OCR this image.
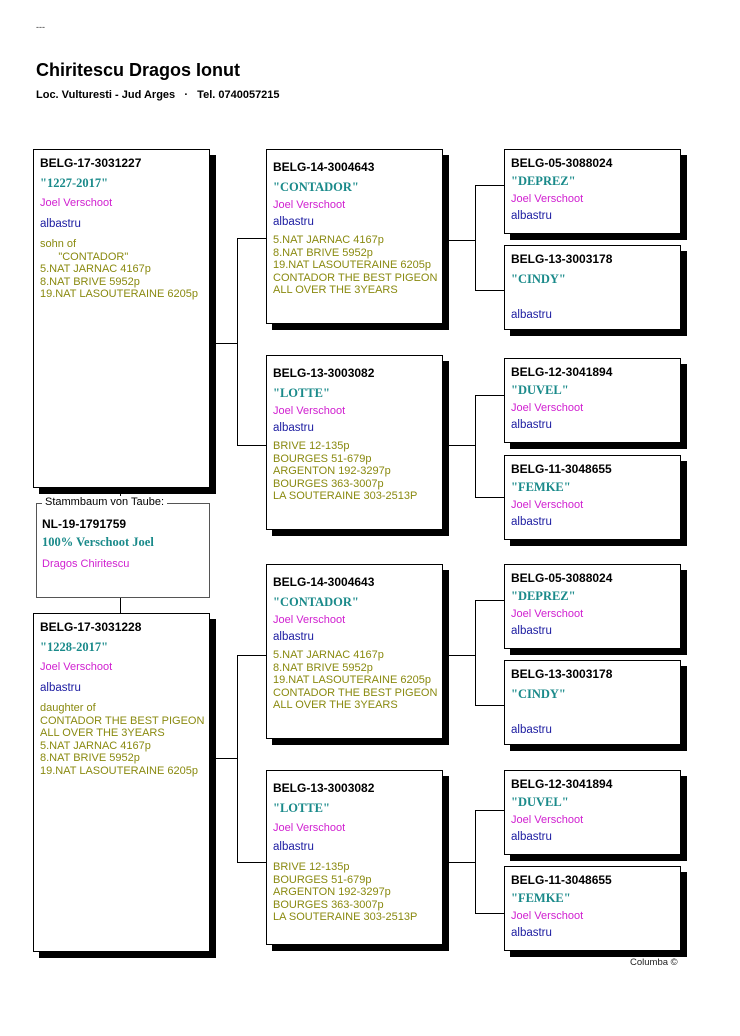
---
Chiritescu Dragos Ionut
Loc. Vulturesti - Jud Arges · Tel. 0740057215
BELG-17-3031227
"1227-2017"
Joel Verschoot
albastru
sohn of
"CONTADOR"
5.NAT JARNAC 4167p
8.NAT BRIVE 5952p
19.NAT LASOUTERAINE 6205p
Stammbaum von Taube:
NL-19-1791759
100% Verschoot Joel
Dragos Chiritescu
BELG-17-3031228
"1228-2017"
Joel Verschoot
albastru
daughter of
CONTADOR THE BEST PIGEON
ALL OVER THE 3YEARS
5.NAT JARNAC 4167p
8.NAT BRIVE 5952p
19.NAT LASOUTERAINE 6205p
BELG-14-3004643
"CONTADOR"
Joel Verschoot
albastru
5.NAT JARNAC 4167p
8.NAT BRIVE 5952p
19.NAT LASOUTERAINE 6205p
CONTADOR THE BEST PIGEON
ALL OVER THE 3YEARS
BELG-13-3003082
"LOTTE"
Joel Verschoot
albastru
BRIVE 12-135p
BOURGES 51-679p
ARGENTON 192-3297p
BOURGES 363-3007p
LA SOUTERAINE 303-2513P
BELG-14-3004643
"CONTADOR"
Joel Verschoot
albastru
5.NAT JARNAC 4167p
8.NAT BRIVE 5952p
19.NAT LASOUTERAINE 6205p
CONTADOR THE BEST PIGEON
ALL OVER THE 3YEARS
BELG-13-3003082
"LOTTE"
Joel Verschoot
albastru
BRIVE 12-135p
BOURGES 51-679p
ARGENTON 192-3297p
BOURGES 363-3007p
LA SOUTERAINE 303-2513P
BELG-05-3088024
"DEPREZ"
Joel Verschoot
albastru
BELG-13-3003178
"CINDY"
albastru
BELG-12-3041894
"DUVEL"
Joel Verschoot
albastru
BELG-11-3048655
"FEMKE"
Joel Verschoot
albastru
BELG-05-3088024
"DEPREZ"
Joel Verschoot
albastru
BELG-13-3003178
"CINDY"
albastru
BELG-12-3041894
"DUVEL"
Joel Verschoot
albastru
BELG-11-3048655
"FEMKE"
Joel Verschoot
albastru
Columba ©
